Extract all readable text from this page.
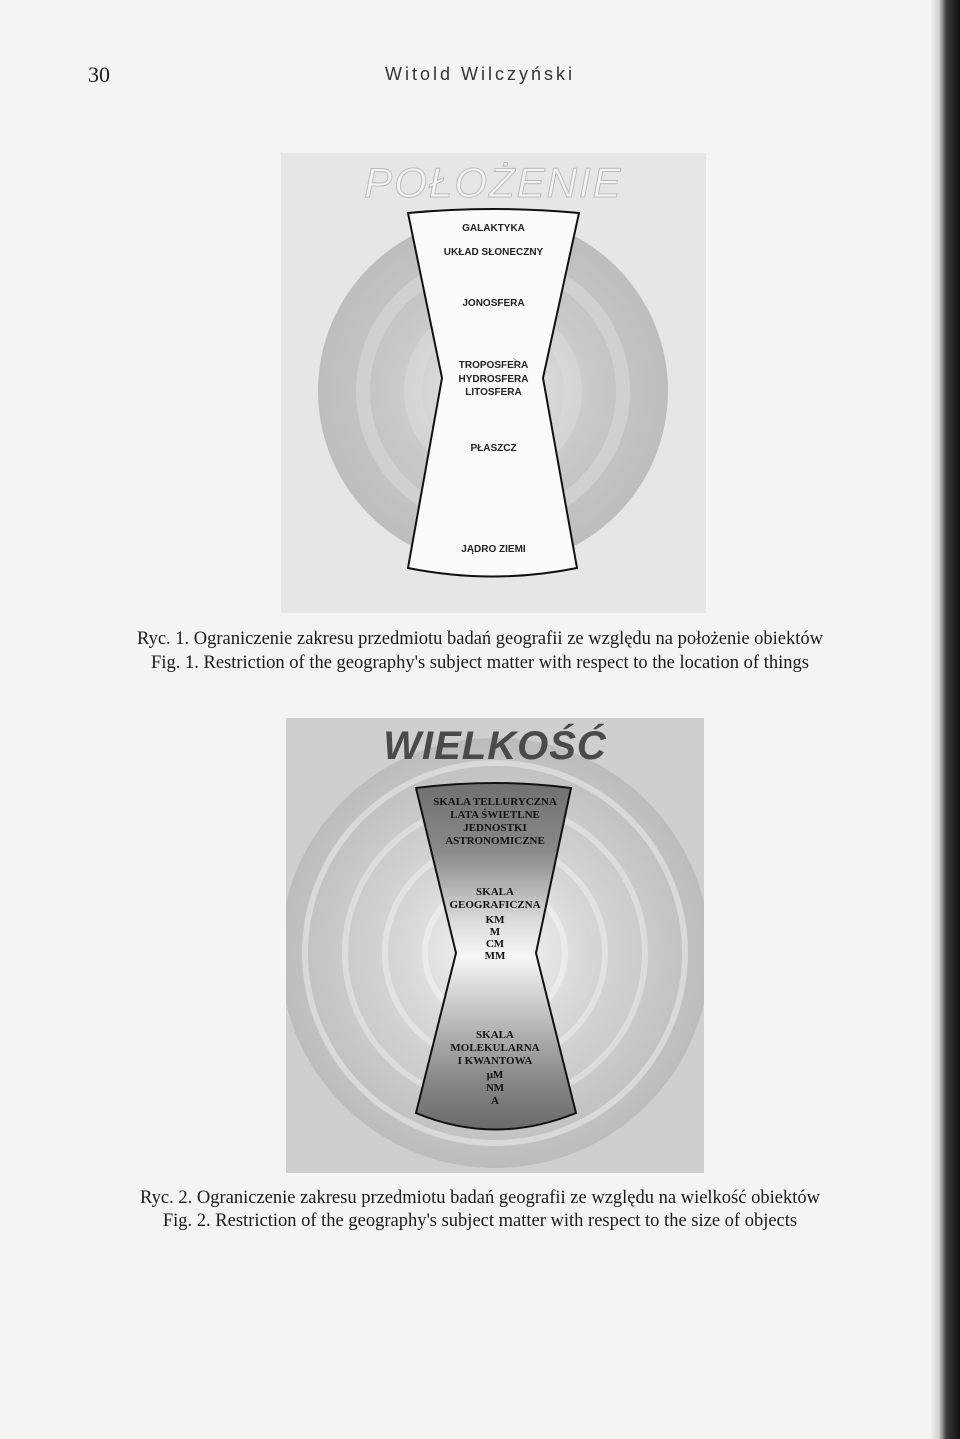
30	Witold Wilczyński
POŁOŻENIE
GALAKTYKA
UKŁAD SŁONECZNY
JONOSFERA
TROPOSFERA
HYDROSFERA
LITOSFERA
PŁASZCZ
JĄDRO ZIEMI
Ryc. 1. Ograniczenie zakresu przedmiotu badań geografii ze względu na położenie obiektów
Fig. 1. Restriction of the geography's subject matter with respect to the location of things
WIELKOŚĆ
SKALA TELLURYCZNA
LATA ŚWIETLNE
JEDNOSTKI
ASTRONOMICZNE
SKALA
GEOGRAFICZNA
KM
M
CM
MM
SKALA
MOLEKULARNA
I KWANTOWA
μM
NM
A
Ryc. 2. Ograniczenie zakresu przedmiotu badań geografii ze względu na wielkość obiektów
Fig. 2. Restriction of the geography's subject matter with respect to the size of objects
